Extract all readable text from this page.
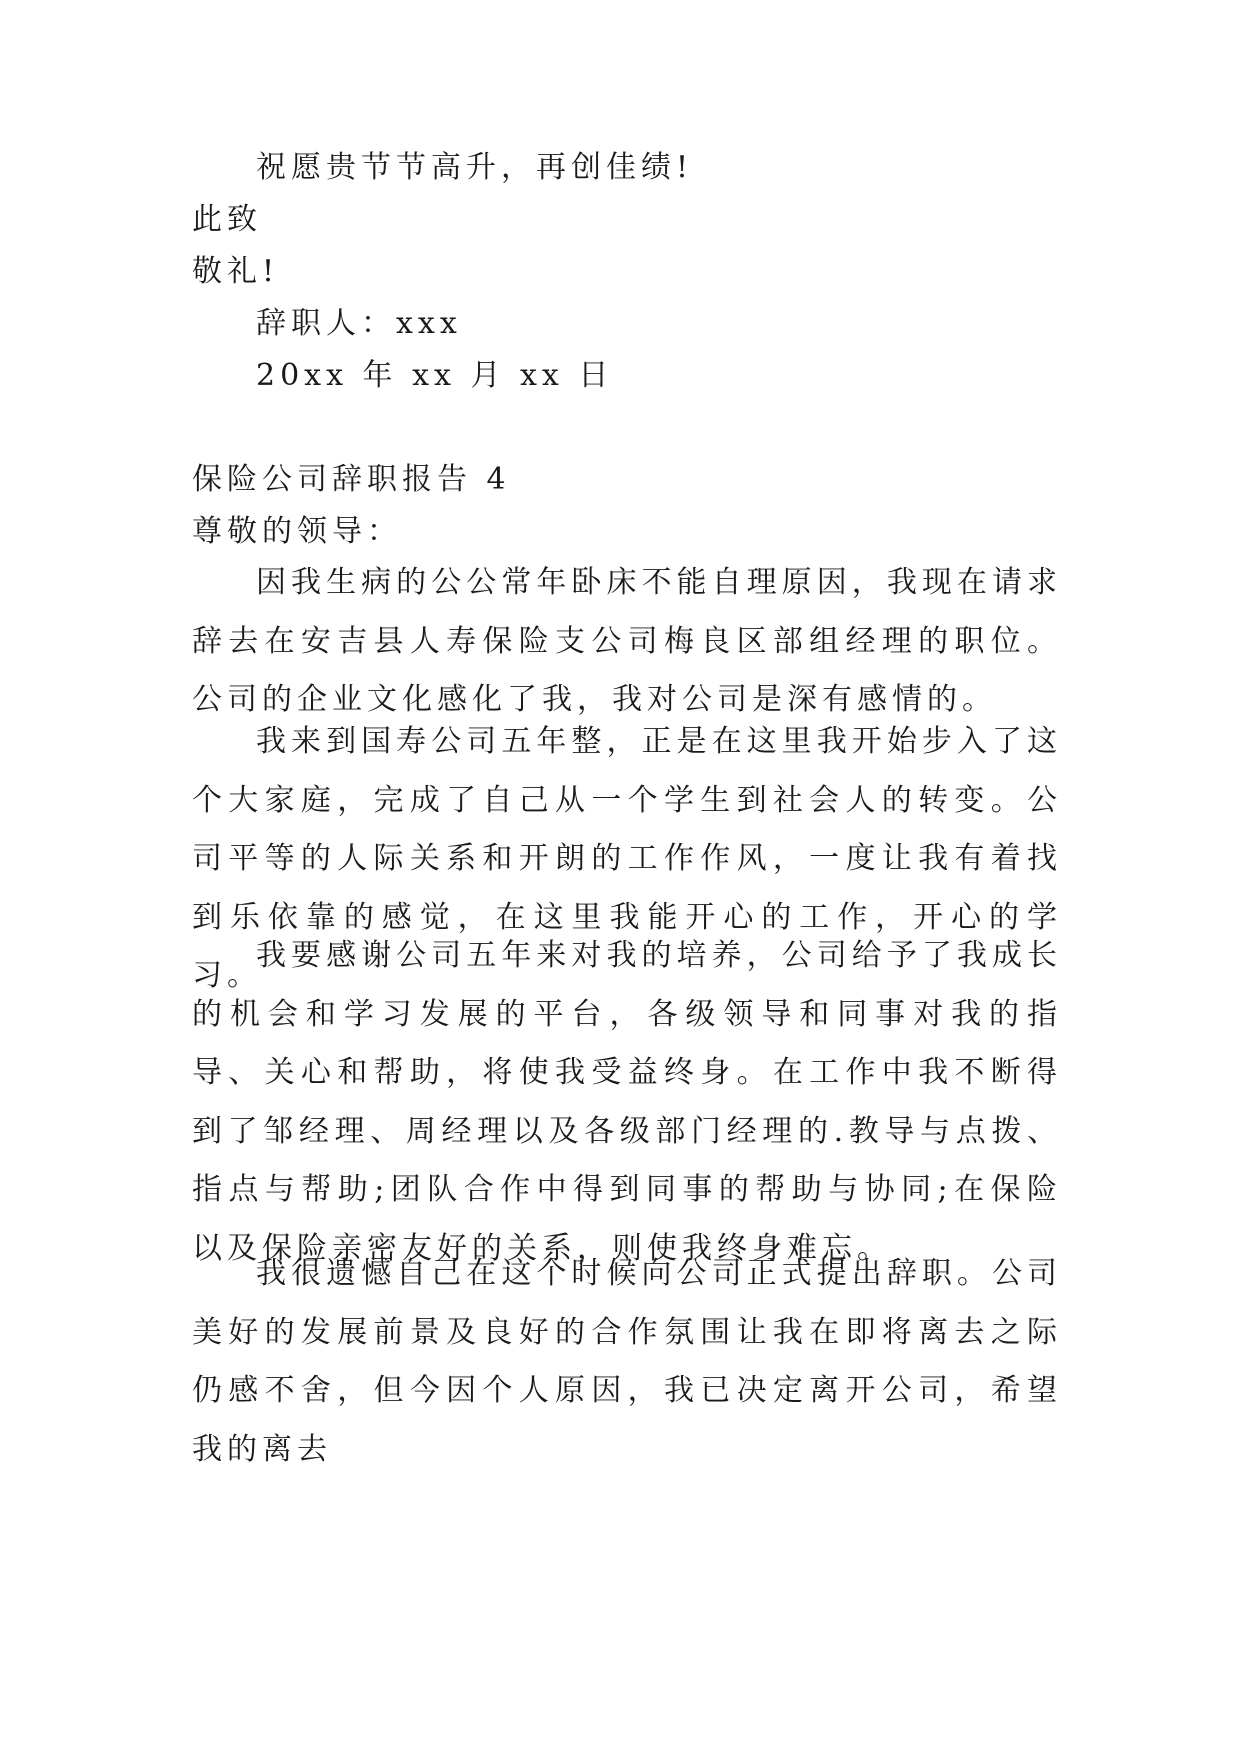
祝愿贵节节高升，再创佳绩!
此致
敬礼!
辞职人：xxx
20xx 年 xx 月 xx 日
保险公司辞职报告 4
尊敬的领导：
因我生病的公公常年卧床不能自理原因，我现在请求辞去在安吉县人寿保险支公司梅良区部组经理的职位。公司的企业文化感化了我，我对公司是深有感情的。
我来到国寿公司五年整，正是在这里我开始步入了这个大家庭，完成了自己从一个学生到社会人的转变。公司平等的人际关系和开朗的工作作风，一度让我有着找到乐依靠的感觉，在这里我能开心的工作，开心的学习。
我要感谢公司五年来对我的培养，公司给予了我成长的机会和学习发展的平台，各级领导和同事对我的指导、关心和帮助，将使我受益终身。在工作中我不断得到了邹经理、周经理以及各级部门经理的.教导与点拨、指点与帮助;团队合作中得到同事的帮助与协同;在保险以及保险亲密友好的关系，则使我终身难忘。
我很遗憾自己在这个时候向公司正式提出辞职。公司美好的发展前景及良好的合作氛围让我在即将离去之际仍感不舍，但今因个人原因，我已决定离开公司，希望我的离去
